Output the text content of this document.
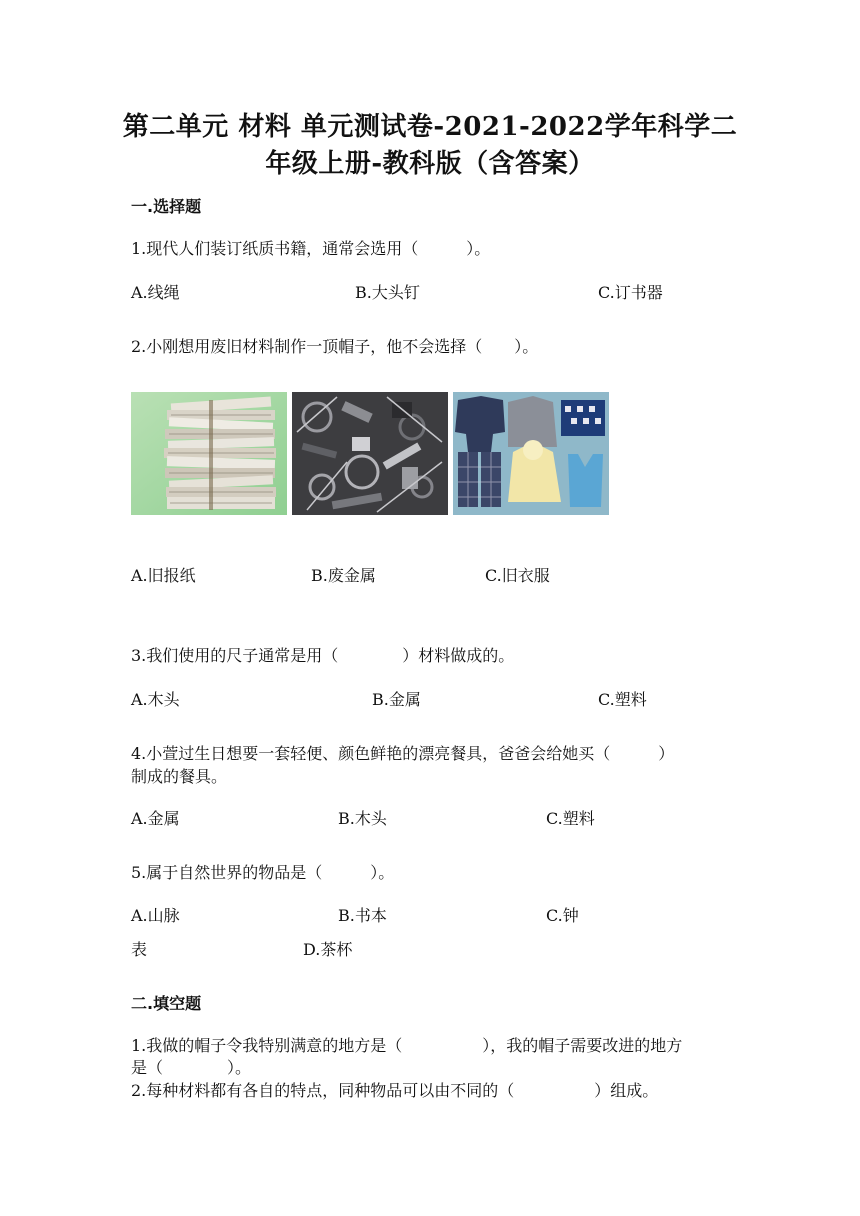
第二单元 材料 单元测试卷-2021-2022学年科学二
年级上册-教科版（含答案）
一.选择题
1.现代人们装订纸质书籍，通常会选用（　　　）。
A.线绳	B.大头钉	C.订书器
2.小刚想用废旧材料制作一顶帽子，他不会选择（　　）。
A.旧报纸	B.废金属	C.旧衣服
3.我们使用的尺子通常是用（　　　　）材料做成的。
A.木头	B.金属	C.塑料
4.小萱过生日想要一套轻便、颜色鲜艳的漂亮餐具，爸爸会给她买（　　　）
制成的餐具。
A.金属	B.木头	C.塑料
5.属于自然世界的物品是（　　　）。
A.山脉	B.书本	C.钟
表	D.茶杯
二.填空题
1.我做的帽子令我特别满意的地方是（　　　　　），我的帽子需要改进的地方
是（　　　　）。
2.每种材料都有各自的特点，同种物品可以由不同的（　　　　　）组成。
